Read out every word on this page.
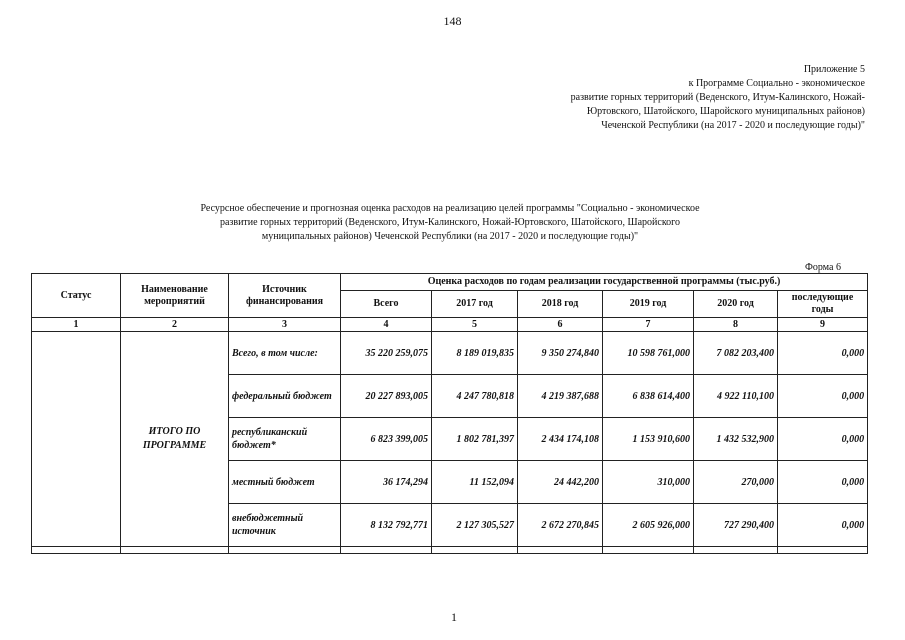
148
Приложение 5
к Программе Социально - экономическое
развитие горных территорий (Веденского, Итум-Калинского, Ножай-
Юртовского, Шатойского, Шаройского муниципальных районов)
Чеченской Республики (на 2017 - 2020 и последующие годы)"
Ресурсное обеспечение и прогнозная оценка расходов на реализацию целей программы "Социально - экономическое
развитие горных территорий (Веденского, Итум-Калинского, Ножай-Юртовского, Шатойского, Шаройского
муниципальных районов) Чеченской Республики (на 2017 - 2020 и последующие годы)"
Форма 6
Статус	Наименование мероприятий	Источник финансирования	Оценка расходов по годам реализации государственной программы (тыс.руб.)					
			Всего	2017 год	2018 год	2019 год	2020 год	последующие годы
1	2	3	4	5	6	7	8	9
	ИТОГО ПО ПРОГРАММЕ	Всего, в том числе:	35 220 259,075	8 189 019,835	9 350 274,840	10 598 761,000	7 082 203,400	0,000
		федеральный бюджет	20 227 893,005	4 247 780,818	4 219 387,688	6 838 614,400	4 922 110,100	0,000
		республиканский бюджет*	6 823 399,005	1 802 781,397	2 434 174,108	1 153 910,600	1 432 532,900	0,000
		местный бюджет	36 174,294	11 152,094	24 442,200	310,000	270,000	0,000
		внебюджетный источник	8 132 792,771	2 127 305,527	2 672 270,845	2 605 926,000	727 290,400	0,000

1
